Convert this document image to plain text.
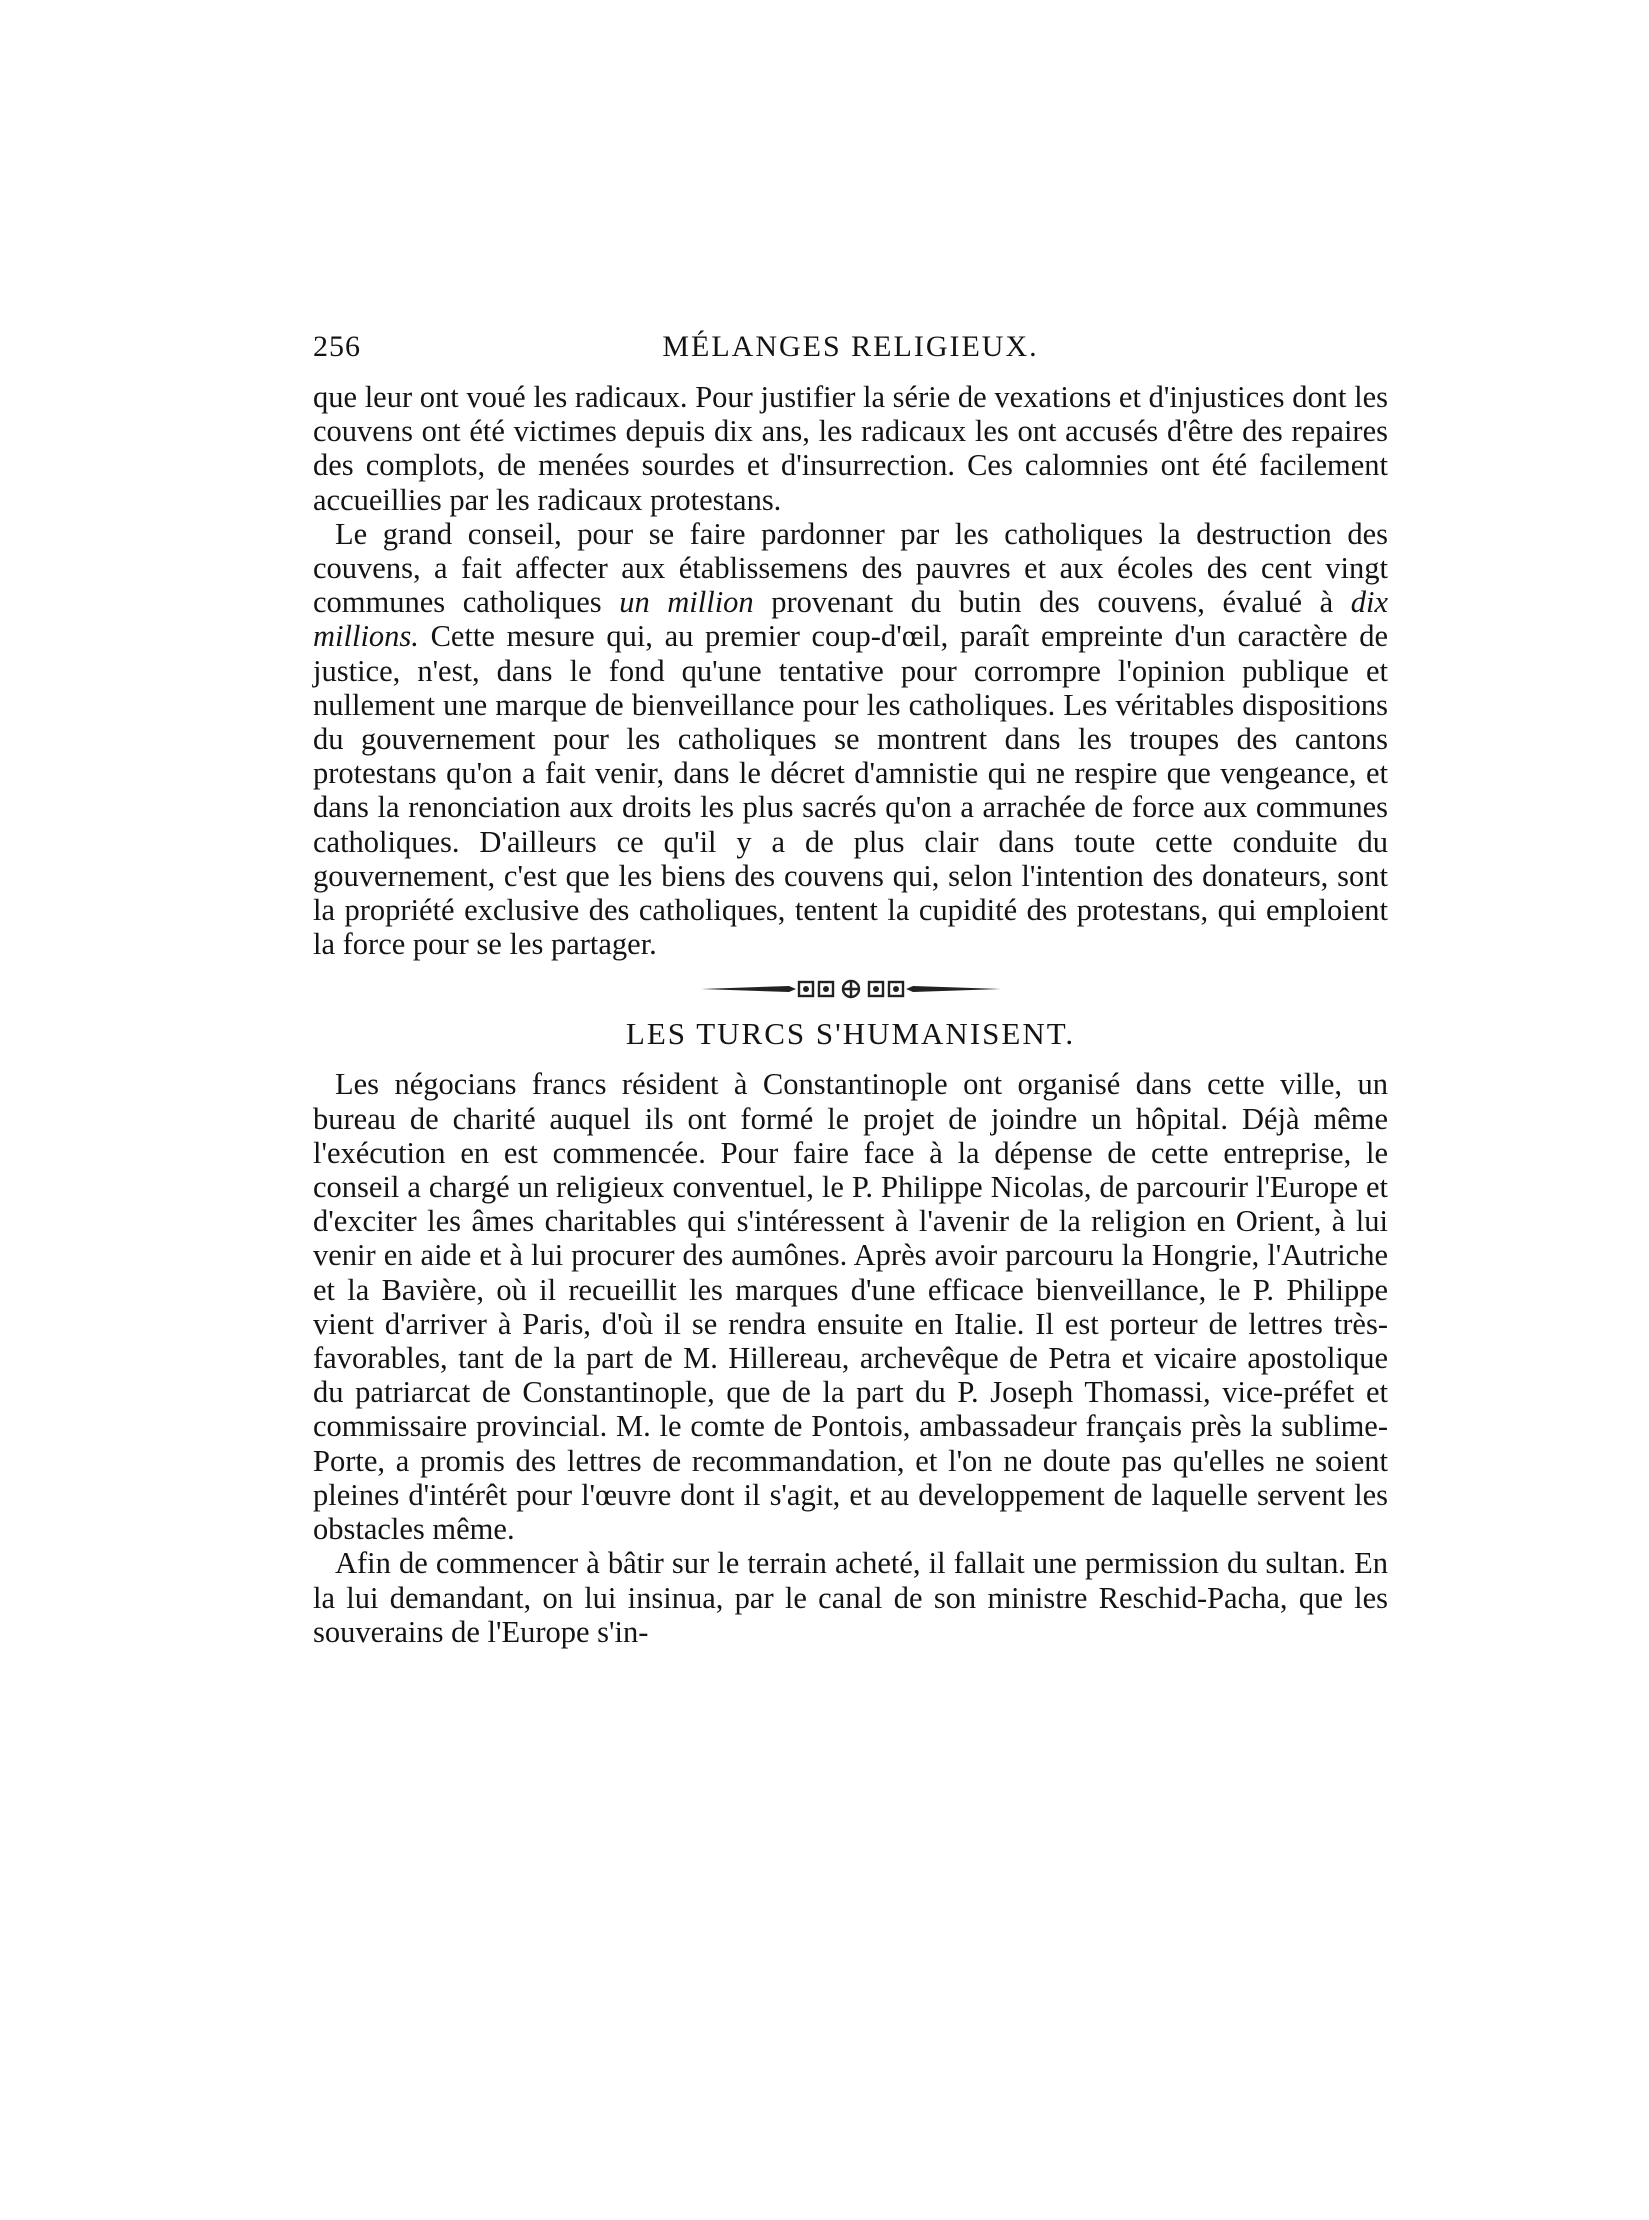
256	MÉLANGES RELIGIEUX.

que leur ont voué les radicaux. Pour justifier la série de vexations et d'injustices dont les couvens ont été victimes depuis dix ans, les radicaux les ont accusés d'être des repaires des complots, de menées sourdes et d'insurrection. Ces calomnies ont été facilement accueillies par les radicaux protestans.

Le grand conseil, pour se faire pardonner par les catholiques la destruction des couvens, a fait affecter aux établissemens des pauvres et aux écoles des cent vingt communes catholiques un million provenant du butin des couvens, évalué à dix millions. Cette mesure qui, au premier coup-d'œil, paraît empreinte d'un caractère de justice, n'est, dans le fond qu'une tentative pour corrompre l'opinion publique et nullement une marque de bienveillance pour les catholiques. Les véritables dispositions du gouvernement pour les catholiques se montrent dans les troupes des cantons protestans qu'on a fait venir, dans le décret d'amnistie qui ne respire que vengeance, et dans la renonciation aux droits les plus sacrés qu'on a arrachée de force aux communes catholiques. D'ailleurs ce qu'il y a de plus clair dans toute cette conduite du gouvernement, c'est que les biens des couvens qui, selon l'intention des donateurs, sont la propriété exclusive des catholiques, tentent la cupidité des protestans, qui emploient la force pour se les partager.

LES TURCS S'HUMANISENT.

Les négocians francs résident à Constantinople ont organisé dans cette ville, un bureau de charité auquel ils ont formé le projet de joindre un hôpital. Déjà même l'exécution en est commencée. Pour faire face à la dépense de cette entreprise, le conseil a chargé un religieux conventuel, le P. Philippe Nicolas, de parcourir l'Europe et d'exciter les âmes charitables qui s'intéressent à l'avenir de la religion en Orient, à lui venir en aide et à lui procurer des aumônes. Après avoir parcouru la Hongrie, l'Autriche et la Bavière, où il recueillit les marques d'une efficace bienveillance, le P. Philippe vient d'arriver à Paris, d'où il se rendra ensuite en Italie. Il est porteur de lettres très-favorables, tant de la part de M. Hillereau, archevêque de Petra et vicaire apostolique du patriarcat de Constantinople, que de la part du P. Joseph Thomassi, vice-préfet et commissaire provincial. M. le comte de Pontois, ambassadeur français près la sublime-Porte, a promis des lettres de recommandation, et l'on ne doute pas qu'elles ne soient pleines d'intérêt pour l'œuvre dont il s'agit, et au developpement de laquelle servent les obstacles même.

Afin de commencer à bâtir sur le terrain acheté, il fallait une permission du sultan. En la lui demandant, on lui insinua, par le canal de son ministre Reschid-Pacha, que les souverains de l'Europe s'in-
